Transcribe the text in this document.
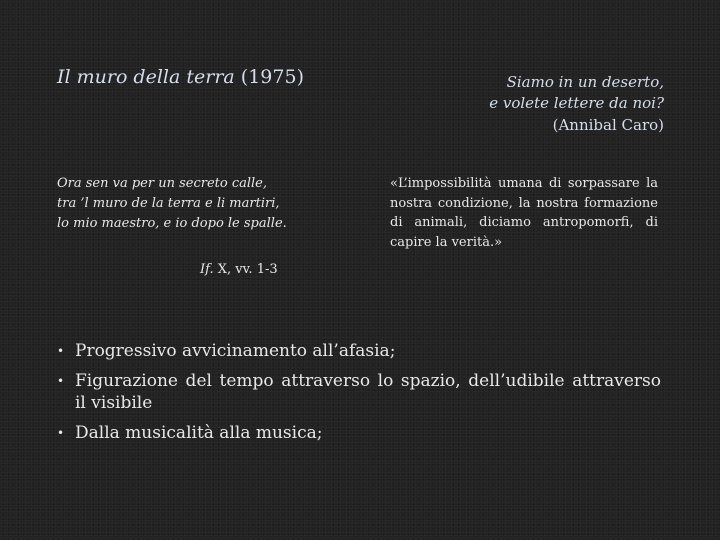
Il muro della terra (1975)	Siamo in un deserto,
e volete lettere da noi?
(Annibal Caro)
Ora sen va per un secreto calle,
tra ’l muro de la terra e li martiri,
lo mio maestro, e io dopo le spalle.
If. X, vv. 1-3
«L’impossibilità umana di sorpassare la nostra condizione, la nostra formazione di animali, diciamo antropomorfi, di capire la verità.»
• Progressivo avvicinamento all’afasia;
• Figurazione del tempo attraverso lo spazio, dell’udibile attraverso il visibile
• Dalla musicalità alla musica;
